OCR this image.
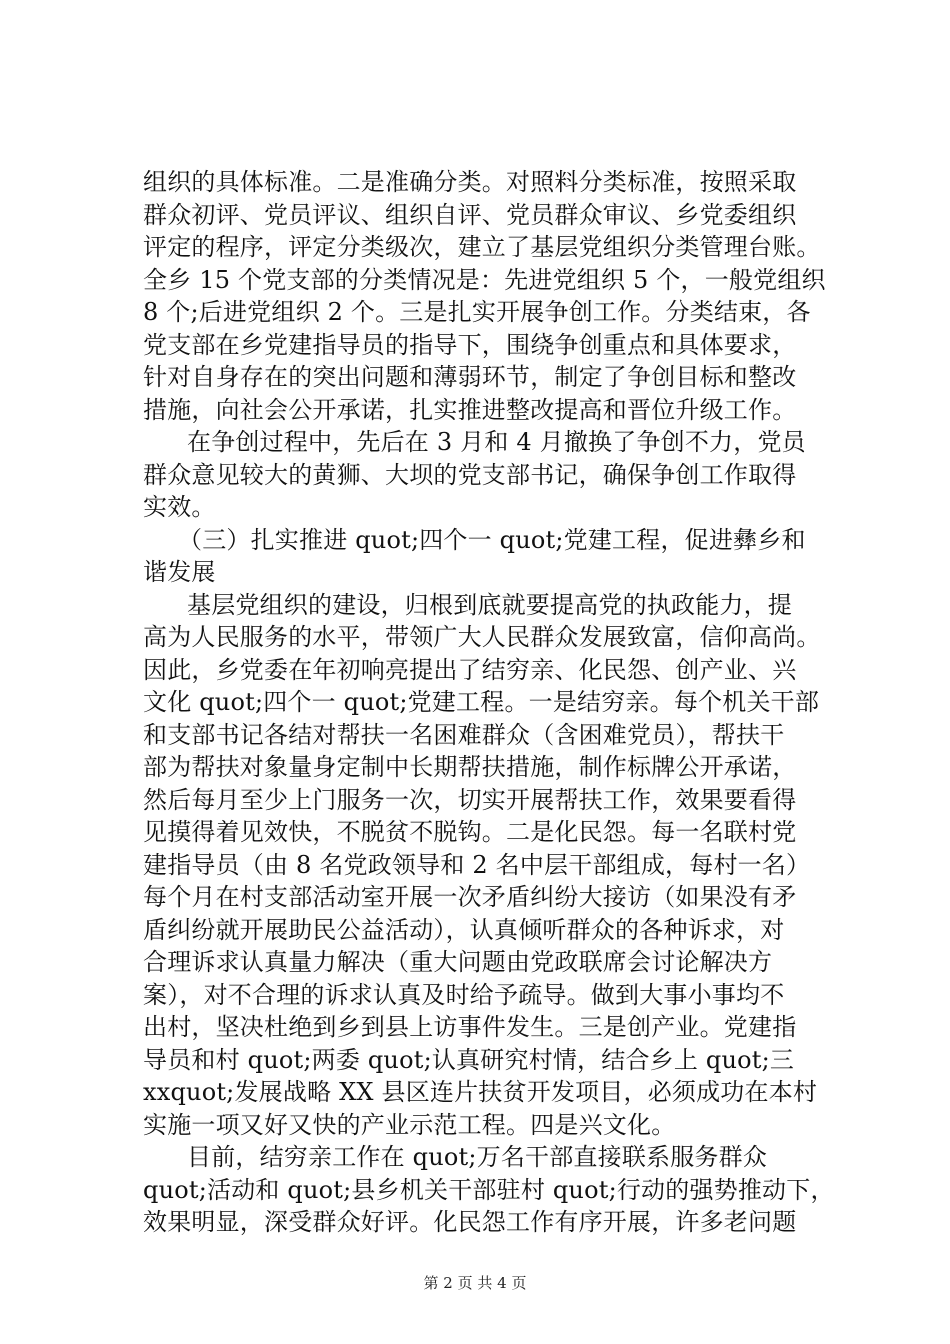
组织的具体标准。二是准确分类。对照料分类标准，按照采取
群众初评、党员评议、组织自评、党员群众审议、乡党委组织
评定的程序，评定分类级次，建立了基层党组织分类管理台账。
全乡 15 个党支部的分类情况是：先进党组织 5 个，一般党组织
8 个;后进党组织 2 个。三是扎实开展争创工作。分类结束，各
党支部在乡党建指导员的指导下，围绕争创重点和具体要求，
针对自身存在的突出问题和薄弱环节，制定了争创目标和整改
措施，向社会公开承诺，扎实推进整改提高和晋位升级工作。
在争创过程中，先后在 3 月和 4 月撤换了争创不力，党员
群众意见较大的黄狮、大坝的党支部书记，确保争创工作取得
实效。
（三）扎实推进 quot;四个一 quot;党建工程，促进彝乡和
谐发展
基层党组织的建设，归根到底就要提高党的执政能力，提
高为人民服务的水平，带领广大人民群众发展致富，信仰高尚。
因此，乡党委在年初响亮提出了结穷亲、化民怨、创产业、兴
文化 quot;四个一 quot;党建工程。一是结穷亲。每个机关干部
和支部书记各结对帮扶一名困难群众（含困难党员），帮扶干
部为帮扶对象量身定制中长期帮扶措施，制作标牌公开承诺，
然后每月至少上门服务一次，切实开展帮扶工作，效果要看得
见摸得着见效快，不脱贫不脱钩。二是化民怨。每一名联村党
建指导员（由 8 名党政领导和 2 名中层干部组成，每村一名）
每个月在村支部活动室开展一次矛盾纠纷大接访（如果没有矛
盾纠纷就开展助民公益活动），认真倾听群众的各种诉求，对
合理诉求认真量力解决（重大问题由党政联席会讨论解决方
案），对不合理的诉求认真及时给予疏导。做到大事小事均不
出村，坚决杜绝到乡到县上访事件发生。三是创产业。党建指
导员和村 quot;两委 quot;认真研究村情，结合乡上 quot;三
xxquot;发展战略 XX 县区连片扶贫开发项目，必须成功在本村
实施一项又好又快的产业示范工程。四是兴文化。
目前，结穷亲工作在 quot;万名干部直接联系服务群众
quot;活动和 quot;县乡机关干部驻村 quot;行动的强势推动下，
效果明显，深受群众好评。化民怨工作有序开展，许多老问题
第 2 页 共 4 页
